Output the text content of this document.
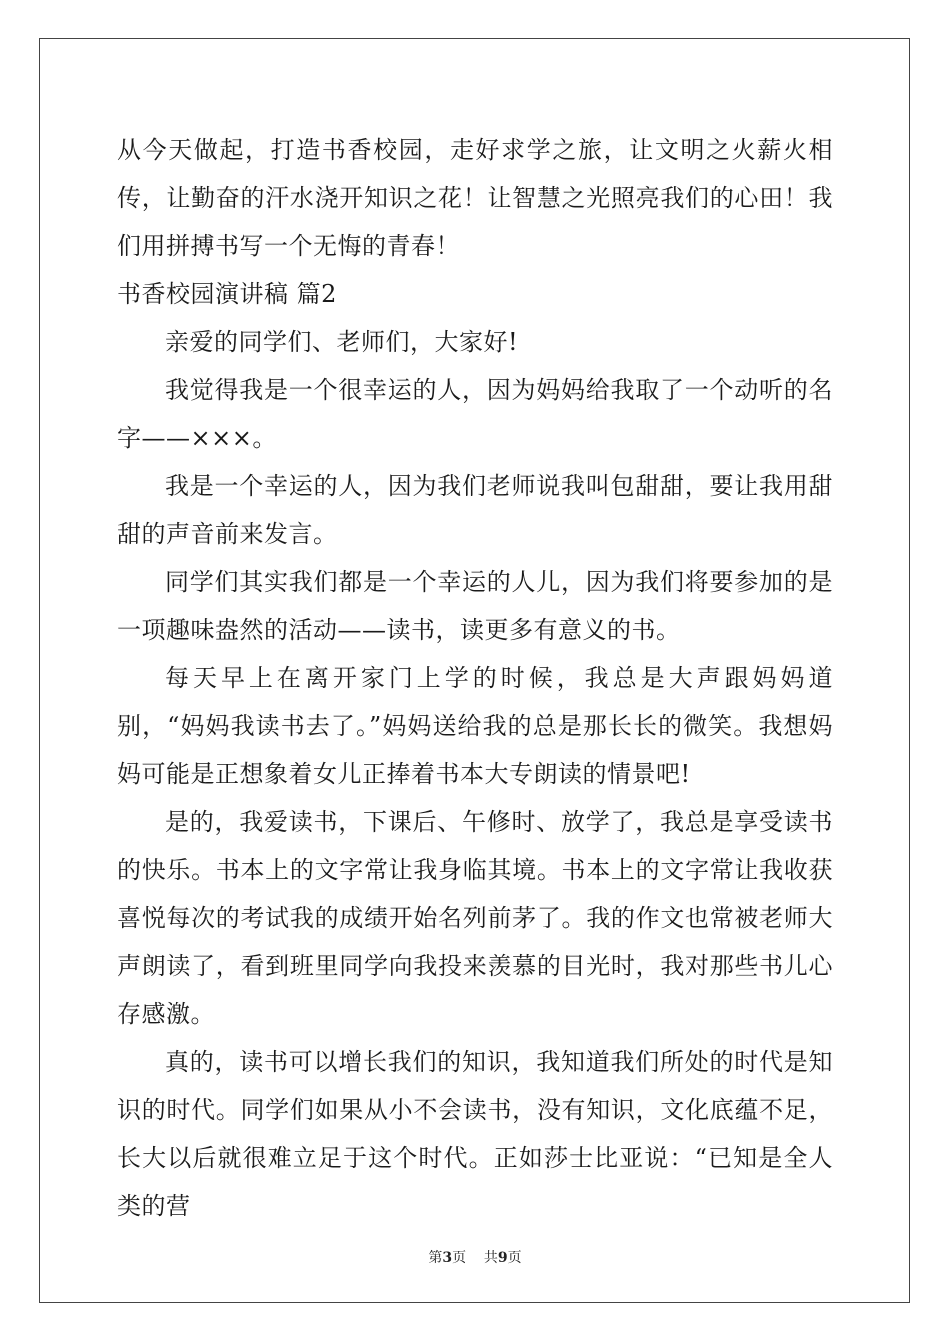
从今天做起，打造书香校园，走好求学之旅，让文明之火薪火相传，让勤奋的汗水浇开知识之花！让智慧之光照亮我们的心田！我们用拼搏书写一个无悔的青春！

书香校园演讲稿 篇2

亲爱的同学们、老师们，大家好!

我觉得我是一个很幸运的人，因为妈妈给我取了一个动听的名字——×××。

我是一个幸运的人，因为我们老师说我叫包甜甜，要让我用甜甜的声音前来发言。

同学们其实我们都是一个幸运的人儿，因为我们将要参加的是一项趣味盎然的活动——读书，读更多有意义的书。

每天早上在离开家门上学的时候，我总是大声跟妈妈道别，“妈妈我读书去了。”妈妈送给我的总是那长长的微笑。我想妈妈可能是正想象着女儿正捧着书本大专朗读的情景吧!

是的，我爱读书，下课后、午修时、放学了，我总是享受读书的快乐。书本上的文字常让我身临其境。书本上的文字常让我收获喜悦每次的考试我的成绩开始名列前茅了。我的作文也常被老师大声朗读了，看到班里同学向我投来羡慕的目光时，我对那些书儿心存感激。

真的，读书可以增长我们的知识，我知道我们所处的时代是知识的时代。同学们如果从小不会读书，没有知识，文化底蕴不足，长大以后就很难立足于这个时代。正如莎士比亚说：“已知是全人类的营

第3页 共9页
